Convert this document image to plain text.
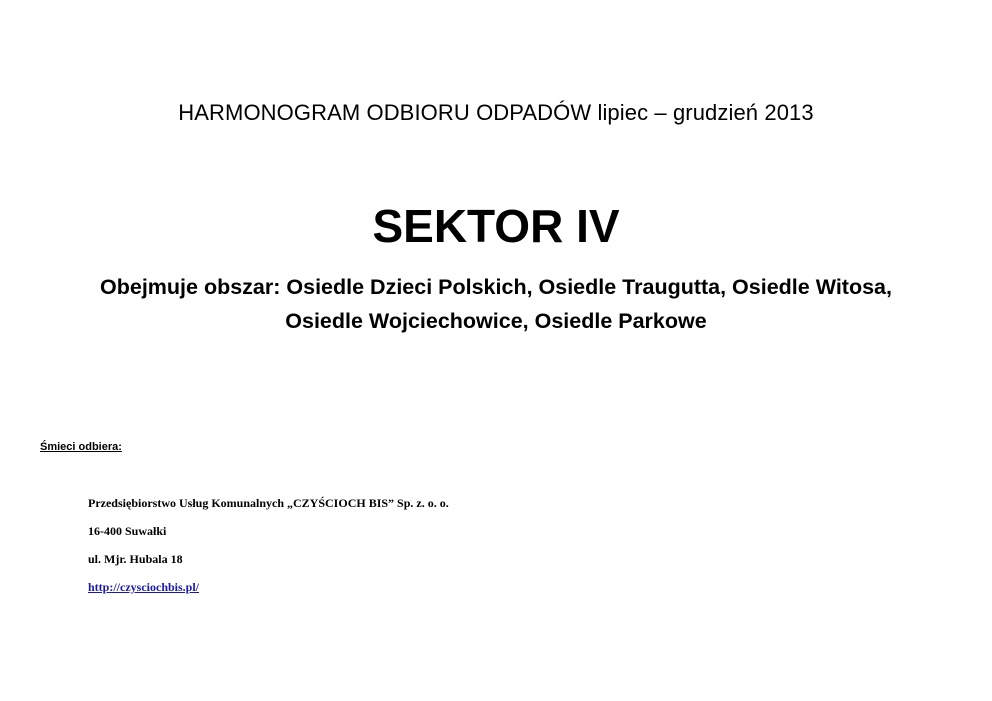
HARMONOGRAM ODBIORU ODPADÓW lipiec – grudzień 2013
SEKTOR IV
Obejmuje obszar: Osiedle Dzieci Polskich, Osiedle Traugutta, Osiedle Witosa,
Osiedle Wojciechowice, Osiedle Parkowe
Śmieci odbiera:
Przedsiębiorstwo Usług Komunalnych „CZYŚCIOCH BIS” Sp. z. o. o.
16-400 Suwałki
ul. Mjr. Hubala 18
http://czysciochbis.pl/
